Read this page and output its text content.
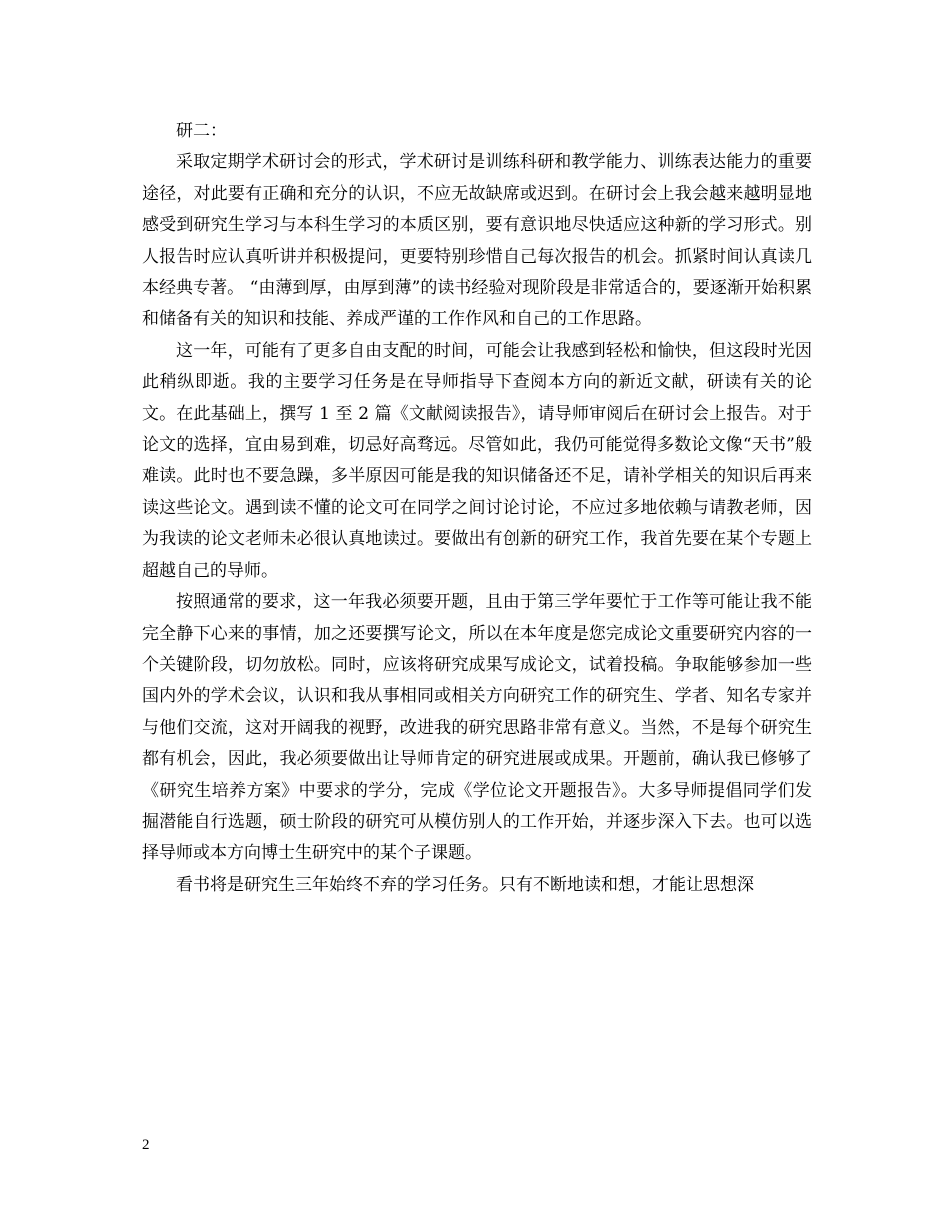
研二：

采取定期学术研讨会的形式，学术研讨是训练科研和教学能力、训练表达能力的重要途径，对此要有正确和充分的认识，不应无故缺席或迟到。在研讨会上我会越来越明显地感受到研究生学习与本科生学习的本质区别，要有意识地尽快适应这种新的学习形式。别人报告时应认真听讲并积极提问，更要特别珍惜自己每次报告的机会。抓紧时间认真读几本经典专著。 “由薄到厚，由厚到薄”的读书经验对现阶段是非常适合的，要逐渐开始积累和储备有关的知识和技能、养成严谨的工作作风和自己的工作思路。

这一年，可能有了更多自由支配的时间，可能会让我感到轻松和愉快，但这段时光因此稍纵即逝。我的主要学习任务是在导师指导下查阅本方向的新近文献，研读有关的论文。在此基础上，撰写 1 至 2 篇《文献阅读报告》，请导师审阅后在研讨会上报告。对于论文的选择，宜由易到难，切忌好高骛远。尽管如此，我仍可能觉得多数论文像“天书”般难读。此时也不要急躁，多半原因可能是我的知识储备还不足，请补学相关的知识后再来读这些论文。遇到读不懂的论文可在同学之间讨论讨论，不应过多地依赖与请教老师，因为我读的论文老师未必很认真地读过。要做出有创新的研究工作，我首先要在某个专题上超越自己的导师。

按照通常的要求，这一年我必须要开题，且由于第三学年要忙于工作等可能让我不能完全静下心来的事情，加之还要撰写论文，所以在本年度是您完成论文重要研究内容的一个关键阶段，切勿放松。同时，应该将研究成果写成论文，试着投稿。争取能够参加一些国内外的学术会议，认识和我从事相同或相关方向研究工作的研究生、学者、知名专家并与他们交流，这对开阔我的视野，改进我的研究思路非常有意义。当然，不是每个研究生都有机会，因此，我必须要做出让导师肯定的研究进展或成果。开题前，确认我已修够了《研究生培养方案》中要求的学分，完成《学位论文开题报告》。大多导师提倡同学们发掘潜能自行选题，硕士阶段的研究可从模仿别人的工作开始，并逐步深入下去。也可以选择导师或本方向博士生研究中的某个子课题。

看书将是研究生三年始终不弃的学习任务。只有不断地读和想，才能让思想深

2
